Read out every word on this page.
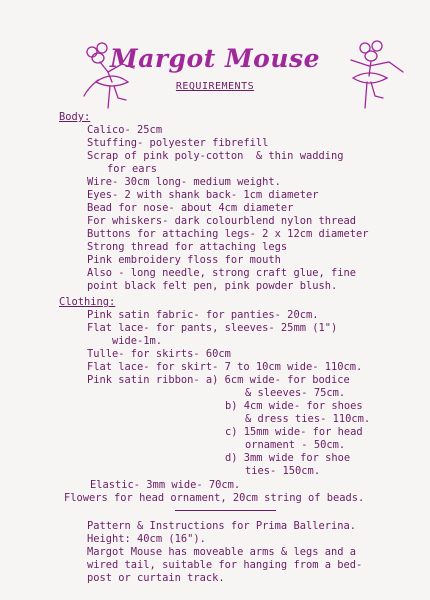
Margot Mouse
REQUIREMENTS
Body:
Calico- 25cm
Stuffing- polyester fibrefill
Scrap of pink poly-cotton  & thin wadding
for ears
Wire- 30cm long- medium weight.
Eyes- 2 with shank back- 1cm diameter
Bead for nose- about 4cm diameter
For whiskers- dark colourblend nylon thread
Buttons for attaching legs- 2 x 12cm diameter
Strong thread for attaching legs
Pink embroidery floss for mouth
Also - long needle, strong craft glue, fine
point black felt pen, pink powder blush.
Clothing:
Pink satin fabric- for panties- 20cm.
Flat lace- for pants, sleeves- 25mm (1")
wide-1m.
Tulle- for skirts- 60cm
Flat lace- for skirt- 7 to 10cm wide- 110cm.
Pink satin ribbon- a) 6cm wide- for bodice
& sleeves- 75cm.
b) 4cm wide- for shoes
& dress ties- 110cm.
c) 15mm wide- for head
ornament - 50cm.
d) 3mm wide for shoe
ties- 150cm.
Elastic- 3mm wide- 70cm.
Flowers for head ornament, 20cm string of beads.
Pattern & Instructions for Prima Ballerina.
Height: 40cm (16").
Margot Mouse has moveable arms & legs and a
wired tail, suitable for hanging from a bed-
post or curtain track.
